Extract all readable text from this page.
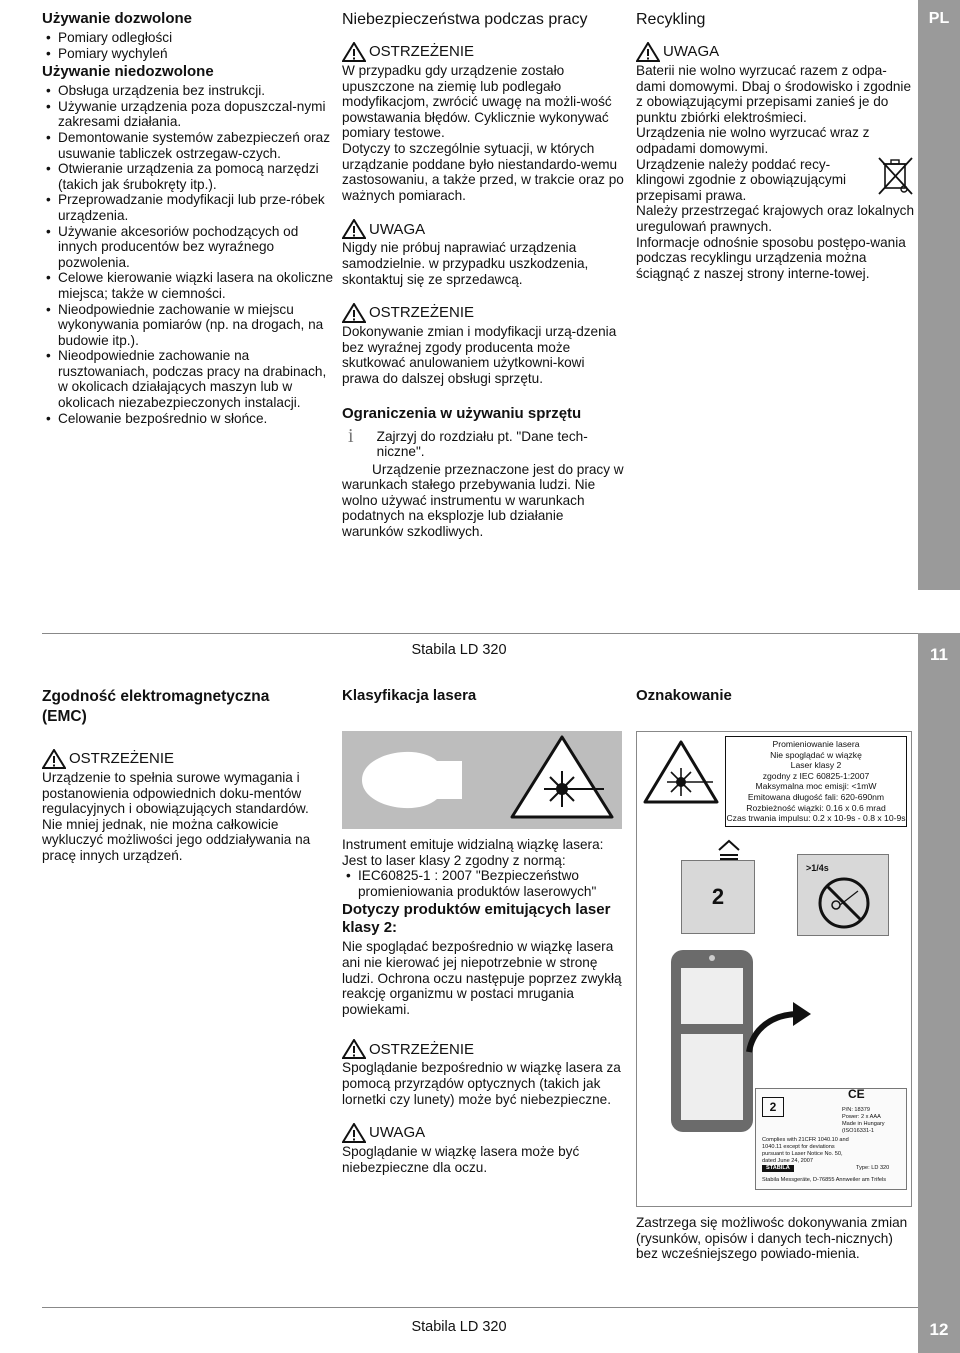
PL
11
Stabila LD 320
Używanie dozwolone
• Pomiary odległości
• Pomiary wychyleń
Używanie niedozwolone
• Obsługa urządzenia bez instrukcji.
• Używanie urządzenia poza dopuszczal-nymi zakresami działania.
• Demontowanie systemów zabezpieczeń oraz usuwanie tabliczek ostrzegaw-czych.
• Otwieranie urządzenia za pomocą narzędzi (takich jak śrubokręty itp.).
• Przeprowadzanie modyfikacji lub prze-róbek urządzenia.
• Używanie akcesoriów pochodzących od innych producentów bez wyraźnego pozwolenia.
• Celowe kierowanie wiązki lasera na okoliczne miejsca; także w ciemności.
• Nieodpowiednie zachowanie w miejscu wykonywania pomiarów (np. na drogach, na budowie itp.).
• Nieodpowiednie zachowanie na rusztowaniach, podczas pracy na drabinach, w okolicach działających maszyn lub w okolicach niezabezpieczonych instalacji.
• Celowanie bezpośrednio w słońce.
Niebezpieczeństwa podczas pracy
OSTRZEŻENIE

W przypadku gdy urządzenie zostało upuszczone na ziemię lub podlegało modyfikacjom, zwrócić uwagę na możli-wość powstawania błędów. Cyklicznie wykonywać pomiary testowe.

Dotyczy to szczególnie sytuacji, w których urządzanie poddane było niestandardo-wemu zastosowaniu, a także przed, w trakcie oraz po ważnych pomiarach.

UWAGA

Nigdy nie próbuj naprawiać urządzenia samodzielnie. w przypadku uszkodzenia, skontaktuj się ze sprzedawcą.

OSTRZEŻENIE

Dokonywanie zmian i modyfikacji urzą-dzenia bez wyraźnej zgody producenta może skutkować anulowaniem użytkowni-kowi prawa do dalszej obsługi sprzętu.

Ograniczenia w używaniu sprzętu
i	Zajrzyj do rozdziału pt. "Dane tech-niczne".

Urządzenie przeznaczone jest do pracy w warunkach stałego przebywania ludzi. Nie wolno używać instrumentu w warunkach podatnych na eksplozje lub działanie warunków szkodliwych.

Recykling
UWAGA

Baterii nie wolno wyrzucać razem z odpa-dami domowymi. Dbaj o środowisko i zgodnie z obowiązującymi przepisami zanieś je do punktu zbiórki elektrośmieci.

Urządzenia nie wolno wyrzucać wraz z odpadami domowymi.

Urządzenie należy poddać recy-klingowi zgodnie z obowiązującymi przepisami prawa.

Należy przestrzegać krajowych oraz lokalnych uregulowań prawnych.

Informacje odnośnie sposobu postępo-wania podczas recyklingu urządzenia można ściągnąć z naszej strony interne-towej.

12
Stabila LD 320
Zgodność elektromagnetyczna (EMC)
OSTRZEŻENIE

Urządzenie to spełnia surowe wymagania i postanowienia odpowiednich doku-mentów regulacyjnych i obowiązujących standardów.

Nie mniej jednak, nie można całkowicie wykluczyć możliwości jego oddziaływania na pracę innych urządzeń.

Klasyfikacja lasera

Instrument emituje widzialną wiązkę lasera:

Jest to laser klasy 2 zgodny z normą:

• IEC60825-1 : 2007 "Bezpieczeństwo promieniowania produktów laserowych"
Dotyczy produktów emitujących laser klasy 2:

Nie spoglądać bezpośrednio w wiązkę lasera ani nie kierować jej niepotrzebnie w stronę ludzi. Ochrona oczu następuje poprzez zwykłą reakcję organizmu w postaci mrugania powiekami.

OSTRZEŻENIE

Spoglądanie bezpośrednio w wiązkę lasera za pomocą przyrządów optycznych (takich jak lornetki czy lunety) może być niebezpieczne.

UWAGA

Spoglądanie w wiązkę lasera może być niebezpieczne dla oczu.

Oznakowanie
Promieniowanie lasera
Nie spoglądać w wiązkę
Laser klasy 2
zgodny z IEC 60825-1:2007
Maksymalna moc emisji: <1mW
Emitowana długość fali: 620-690nm
Rozbieżność wiązki: 0.16 x 0.6 mrad
Czas trwania impulsu: 0.2 x 10-9s - 0.8 x 10-9s
2
>1/4s
2
CE
P/N: 18379
Power: 2 x AAA
Made in Hungary
(ISO16331-1
Complies with 21CFR 1040.10 and 1040.11 except for deviations pursuant to Laser Notice No. 50, dated June 24, 2007
STABILA	Type: LD 320
Stabila Messgeräte, D-76855 Annweiler am Trifels

Zastrzega się możliwośc dokonywania zmian (rysunków, opisów i danych tech-nicznych) bez wcześniejszego powiado-mienia.
